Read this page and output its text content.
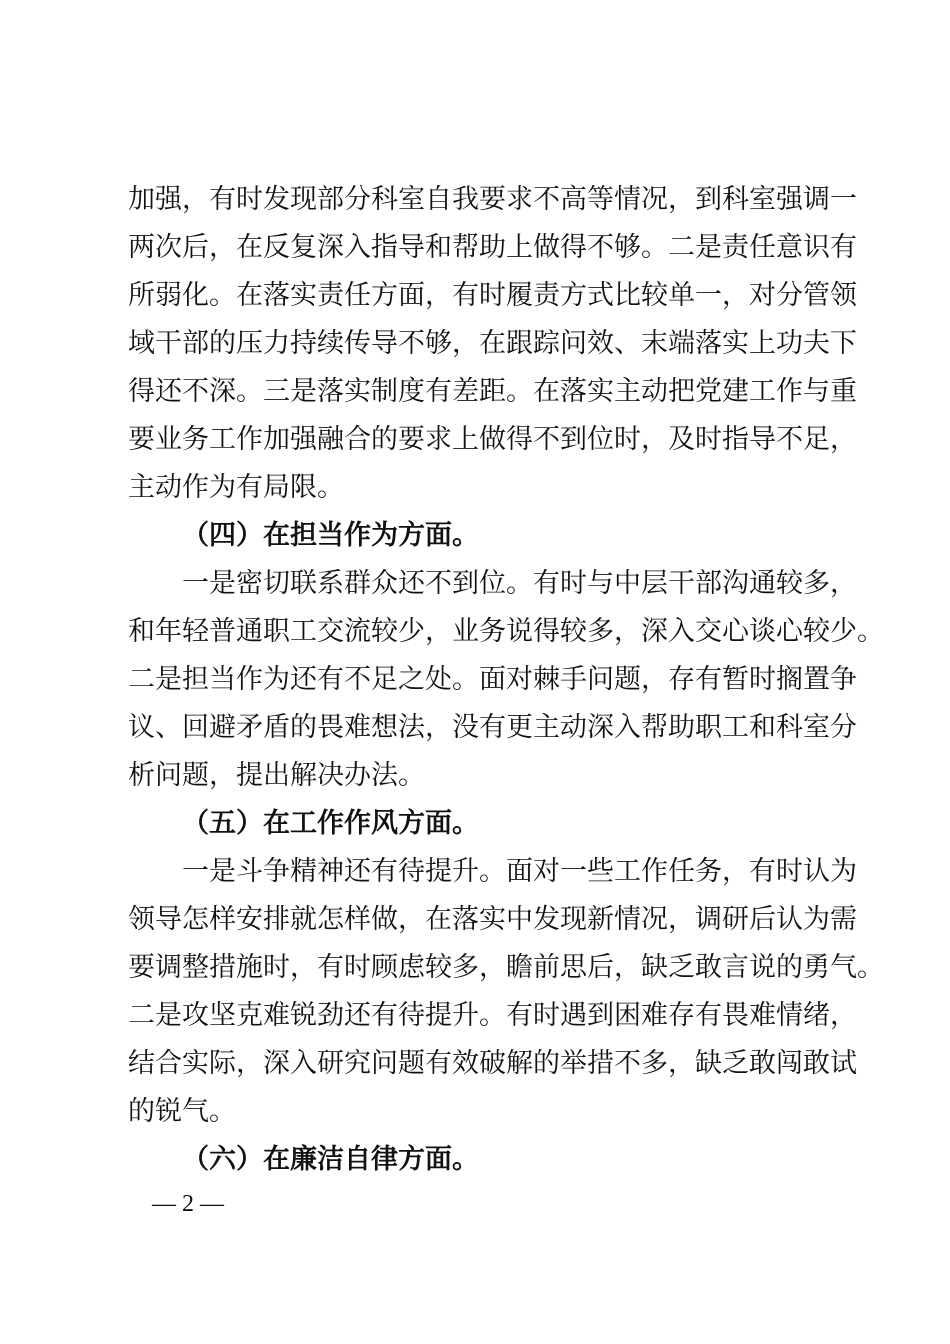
加强，有时发现部分科室自我要求不高等情况，到科室强调一
两次后，在反复深入指导和帮助上做得不够。二是责任意识有
所弱化。在落实责任方面，有时履责方式比较单一，对分管领
域干部的压力持续传导不够，在跟踪问效、末端落实上功夫下
得还不深。三是落实制度有差距。在落实主动把党建工作与重
要业务工作加强融合的要求上做得不到位时，及时指导不足，
主动作为有局限。
（四）在担当作为方面。
一是密切联系群众还不到位。有时与中层干部沟通较多，
和年轻普通职工交流较少，业务说得较多，深入交心谈心较少。
二是担当作为还有不足之处。面对棘手问题，存有暂时搁置争
议、回避矛盾的畏难想法，没有更主动深入帮助职工和科室分
析问题，提出解决办法。
（五）在工作作风方面。
一是斗争精神还有待提升。面对一些工作任务，有时认为
领导怎样安排就怎样做，在落实中发现新情况，调研后认为需
要调整措施时，有时顾虑较多，瞻前思后，缺乏敢言说的勇气。
二是攻坚克难锐劲还有待提升。有时遇到困难存有畏难情绪，
结合实际，深入研究问题有效破解的举措不多，缺乏敢闯敢试
的锐气。
（六）在廉洁自律方面。
— 2 —
